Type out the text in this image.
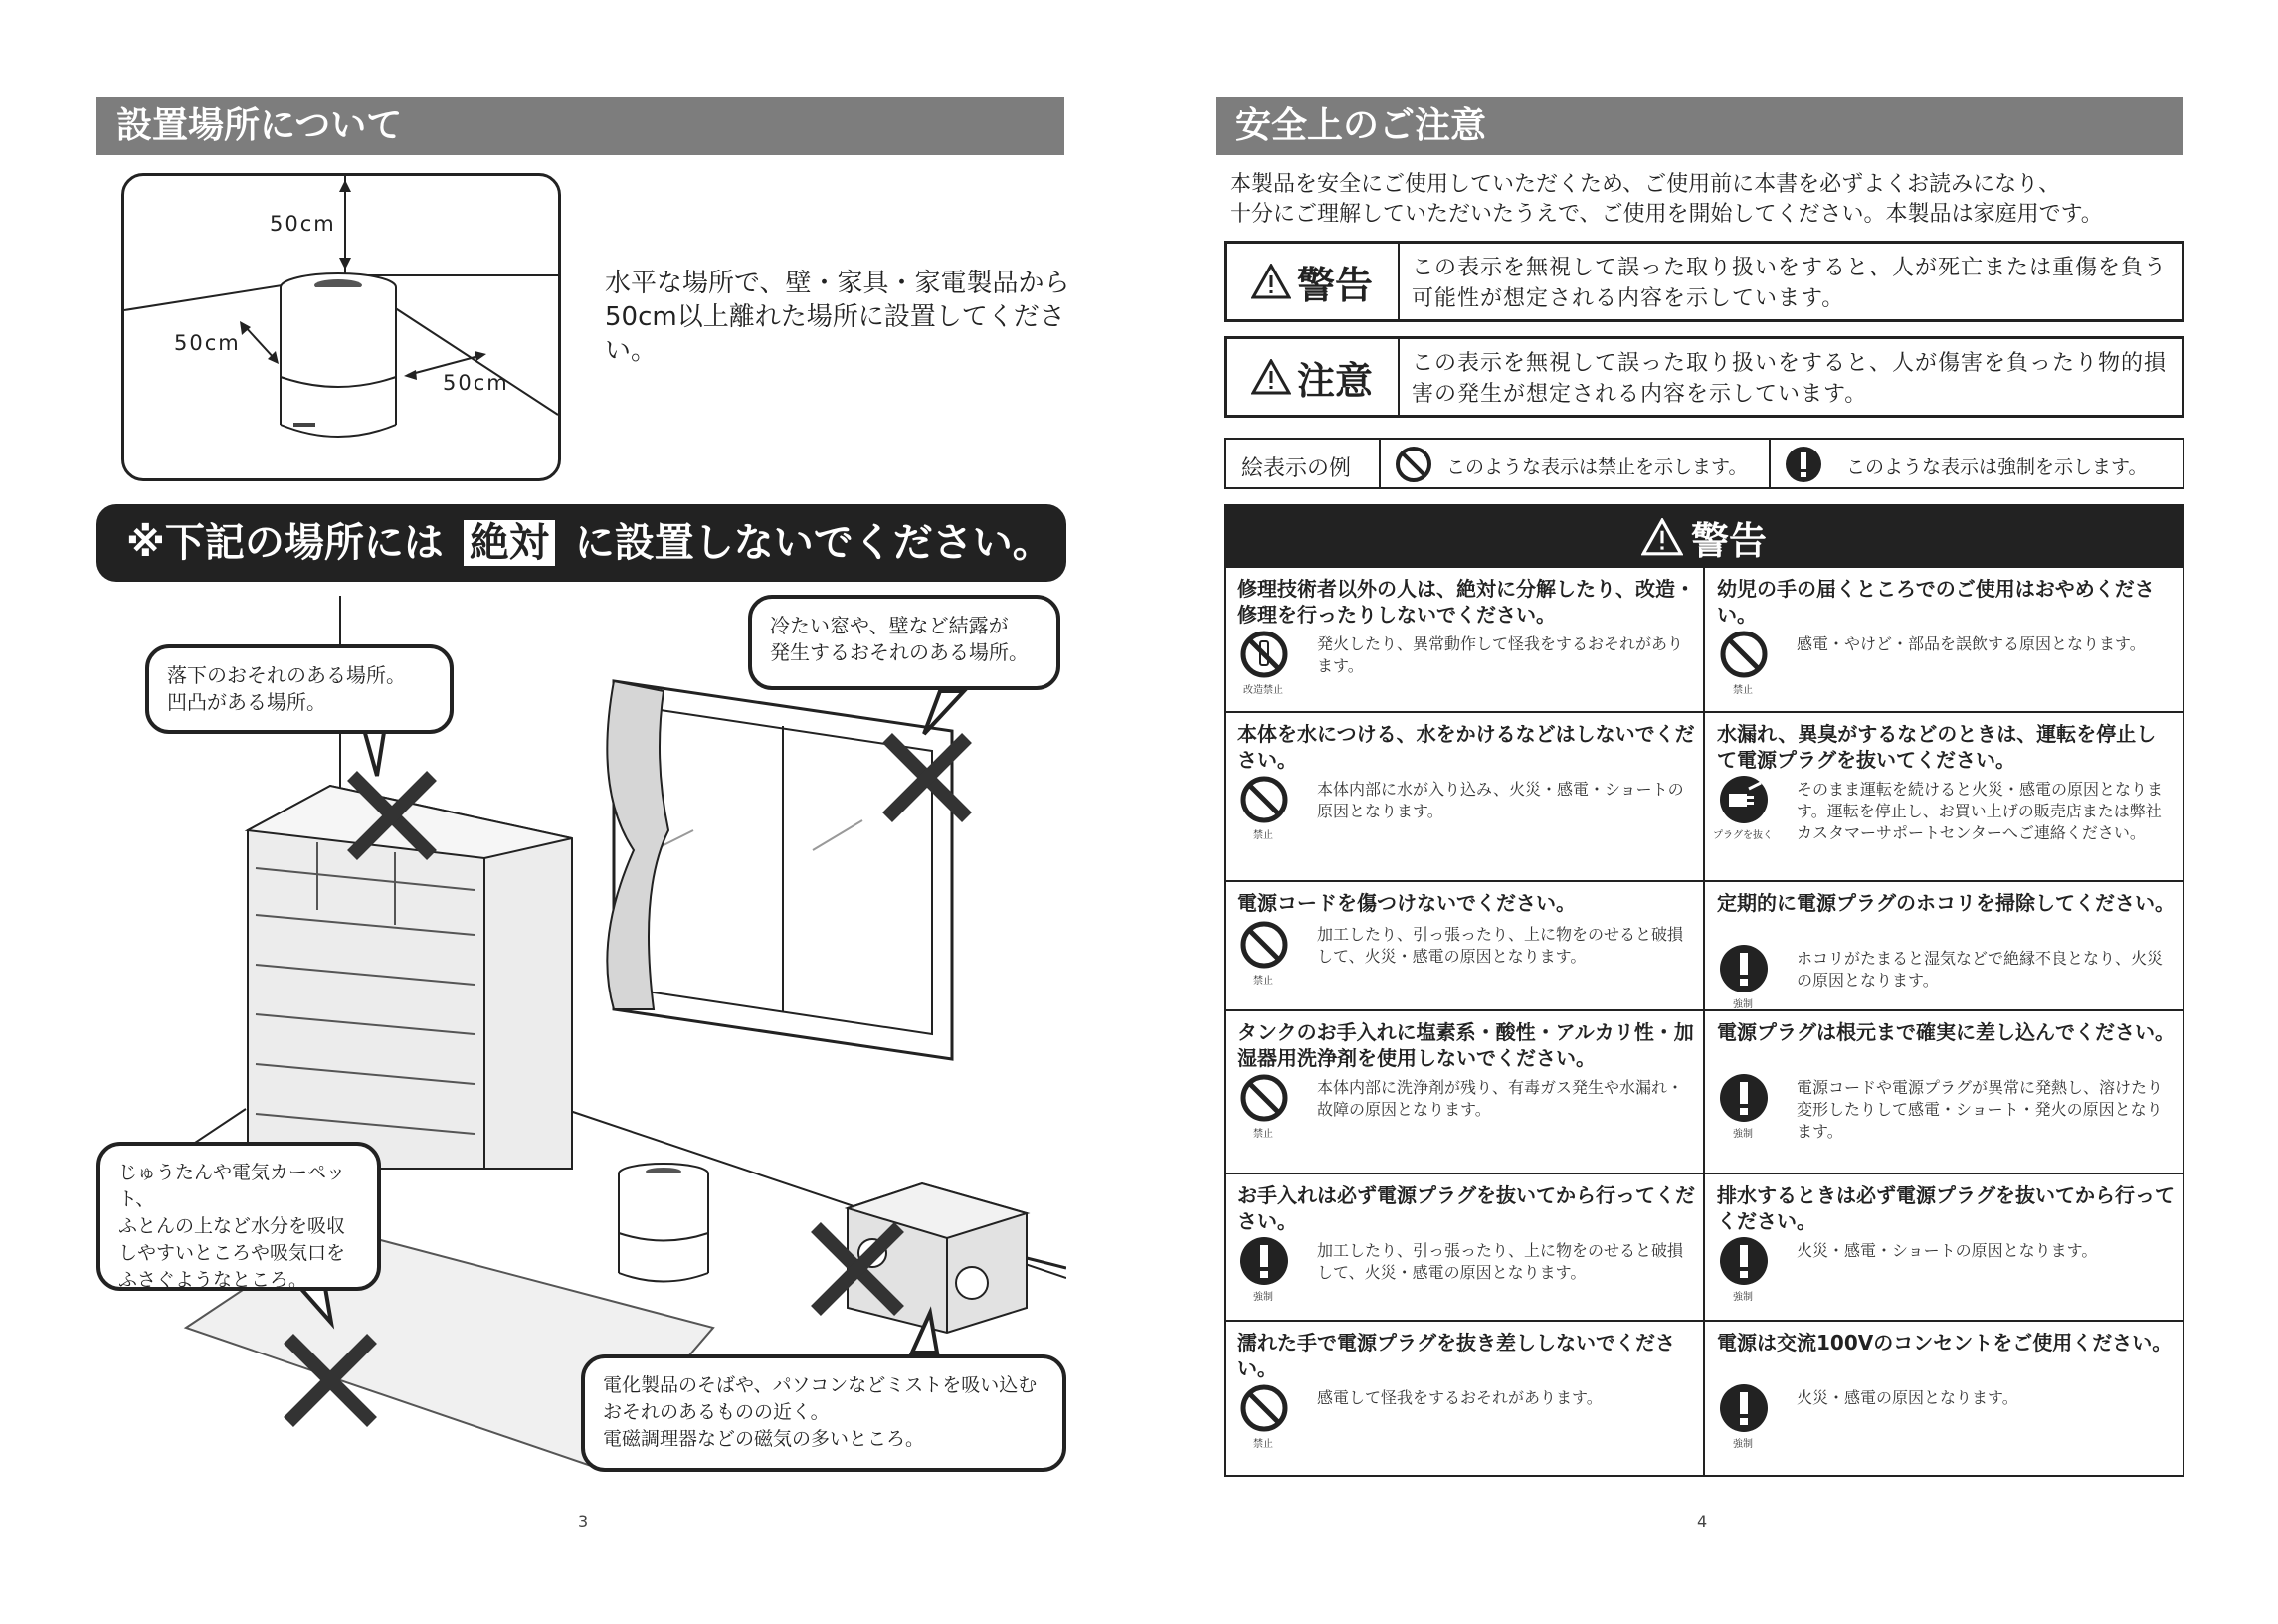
設置場所について
50cm
50cm
50cm
水平な場所で、壁・家具・家電製品から50cm以上離れた場所に設置してください。
※下記の場所には 絶対 に設置しないでください。
落下のおそれのある場所。
凹凸がある場所。
冷たい窓や、壁など結露が
発生するおそれのある場所。
じゅうたんや電気カーペット、
ふとんの上など水分を吸収
しやすいところや吸気口を
ふさぐようなところ。
電化製品のそばや、パソコンなどミストを吸い込む
おそれのあるものの近く。
電磁調理器などの磁気の多いところ。
3
安全上のご注意
本製品を安全にご使用していただくため、ご使用前に本書を必ずよくお読みになり、
十分にご理解していただいたうえで、ご使用を開始してください。本製品は家庭用です。
警告 この表示を無視して誤った取り扱いをすると、人が死亡または重傷を負う可能性が想定される内容を示しています。
注意 この表示を無視して誤った取り扱いをすると、人が傷害を負ったり物的損害の発生が想定される内容を示しています。
絵表示の例	このような表示は禁止を示します。	このような表示は強制を示します。
警告
修理技術者以外の人は、絶対に分解したり、改造・修理を行ったりしないでください。
改造禁止
発火したり、異常動作して怪我をするおそれがあります。
幼児の手の届くところでのご使用はおやめください。
禁止
感電・やけど・部品を誤飲する原因となります。
本体を水につける、水をかけるなどはしないでください。
禁止
本体内部に水が入り込み、火災・感電・ショートの原因となります。
水漏れ、異臭がするなどのときは、運転を停止して電源プラグを抜いてください。
プラグを抜く
そのまま運転を続けると火災・感電の原因となります。運転を停止し、お買い上げの販売店または弊社カスタマーサポートセンターへご連絡ください。
電源コードを傷つけないでください。
禁止
加工したり、引っ張ったり、上に物をのせると破損して、火災・感電の原因となります。
定期的に電源プラグのホコリを掃除してください。
強制
ホコリがたまると湿気などで絶縁不良となり、火災の原因となります。
タンクのお手入れに塩素系・酸性・アルカリ性・加湿器用洗浄剤を使用しないでください。
禁止
本体内部に洗浄剤が残り、有毒ガス発生や水漏れ・故障の原因となります。
電源プラグは根元まで確実に差し込んでください。
強制
電源コードや電源プラグが異常に発熱し、溶けたり変形したりして感電・ショート・発火の原因となります。
お手入れは必ず電源プラグを抜いてから行ってください。
強制
加工したり、引っ張ったり、上に物をのせると破損して、火災・感電の原因となります。
排水するときは必ず電源プラグを抜いてから行ってください。
強制
火災・感電・ショートの原因となります。
濡れた手で電源プラグを抜き差ししないでください。
禁止
感電して怪我をするおそれがあります。
電源は交流100Vのコンセントをご使用ください。
強制
火災・感電の原因となります。
4
